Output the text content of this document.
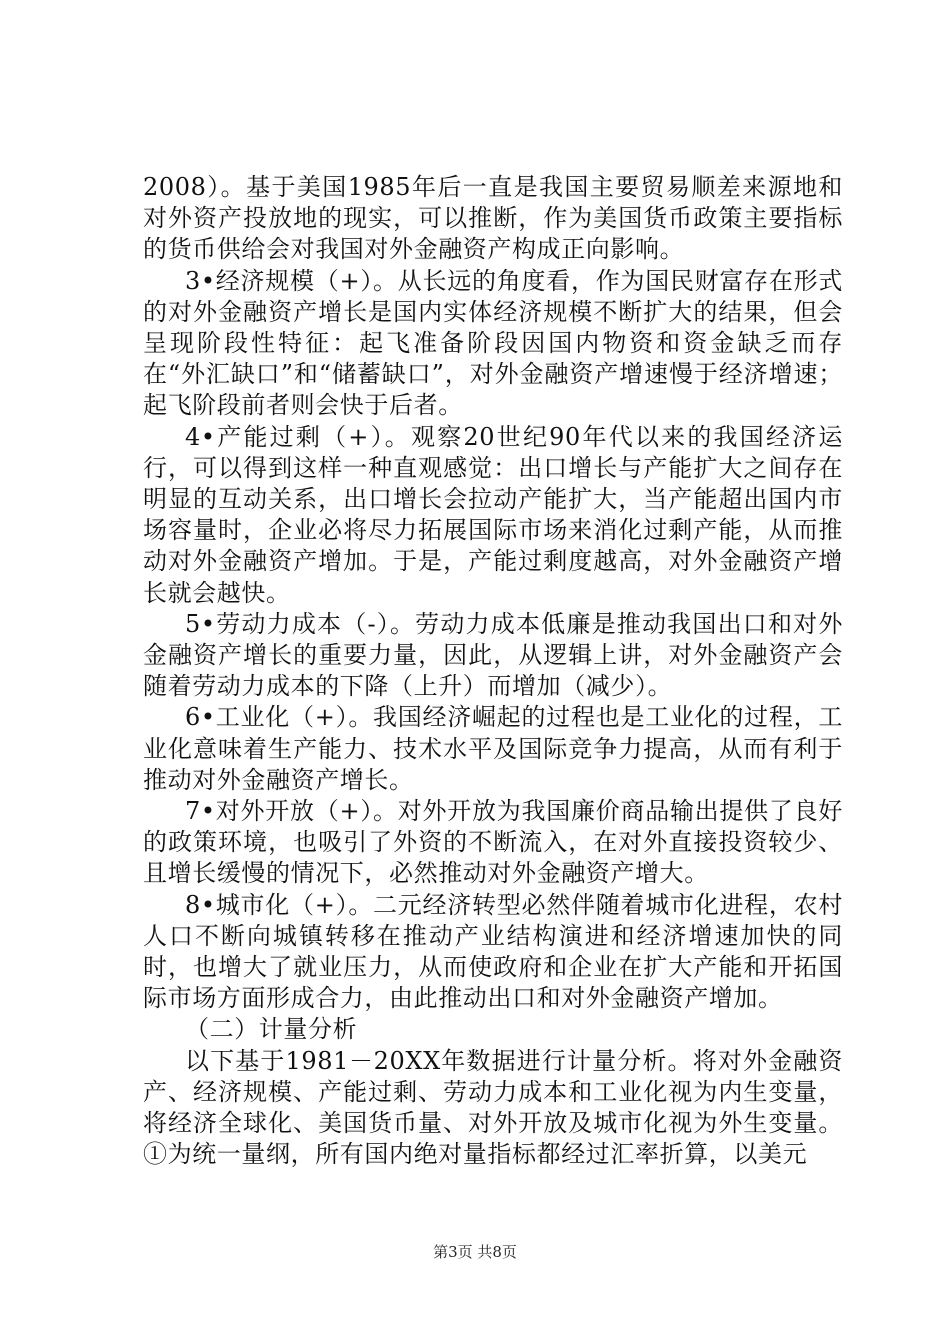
2008）。基于美国1985年后一直是我国主要贸易顺差来源地和对外资产投放地的现实，可以推断，作为美国货币政策主要指标的货币供给会对我国对外金融资产构成正向影响。

3•经济规模（+）。从长远的角度看，作为国民财富存在形式的对外金融资产增长是国内实体经济规模不断扩大的结果，但会呈现阶段性特征：起飞准备阶段因国内物资和资金缺乏而存在“外汇缺口”和“储蓄缺口”，对外金融资产增速慢于经济增速；起飞阶段前者则会快于后者。

4•产能过剩（+）。观察20世纪90年代以来的我国经济运行，可以得到这样一种直观感觉：出口增长与产能扩大之间存在明显的互动关系，出口增长会拉动产能扩大，当产能超出国内市场容量时，企业必将尽力拓展国际市场来消化过剩产能，从而推动对外金融资产增加。于是，产能过剩度越高，对外金融资产增长就会越快。

5•劳动力成本（-）。劳动力成本低廉是推动我国出口和对外金融资产增长的重要力量，因此，从逻辑上讲，对外金融资产会随着劳动力成本的下降（上升）而增加（减少）。

6•工业化（+）。我国经济崛起的过程也是工业化的过程，工业化意味着生产能力、技术水平及国际竞争力提高，从而有利于推动对外金融资产增长。

7•对外开放（+）。对外开放为我国廉价商品输出提供了良好的政策环境，也吸引了外资的不断流入，在对外直接投资较少、且增长缓慢的情况下，必然推动对外金融资产增大。

8•城市化（+）。二元经济转型必然伴随着城市化进程，农村人口不断向城镇转移在推动产业结构演进和经济增速加快的同时，也增大了就业压力，从而使政府和企业在扩大产能和开拓国际市场方面形成合力，由此推动出口和对外金融资产增加。

（二）计量分析

以下基于1981－20XX年数据进行计量分析。将对外金融资产、经济规模、产能过剩、劳动力成本和工业化视为内生变量，将经济全球化、美国货币量、对外开放及城市化视为外生变量。①为统一量纲，所有国内绝对量指标都经过汇率折算，以美元

第3页 共8页
